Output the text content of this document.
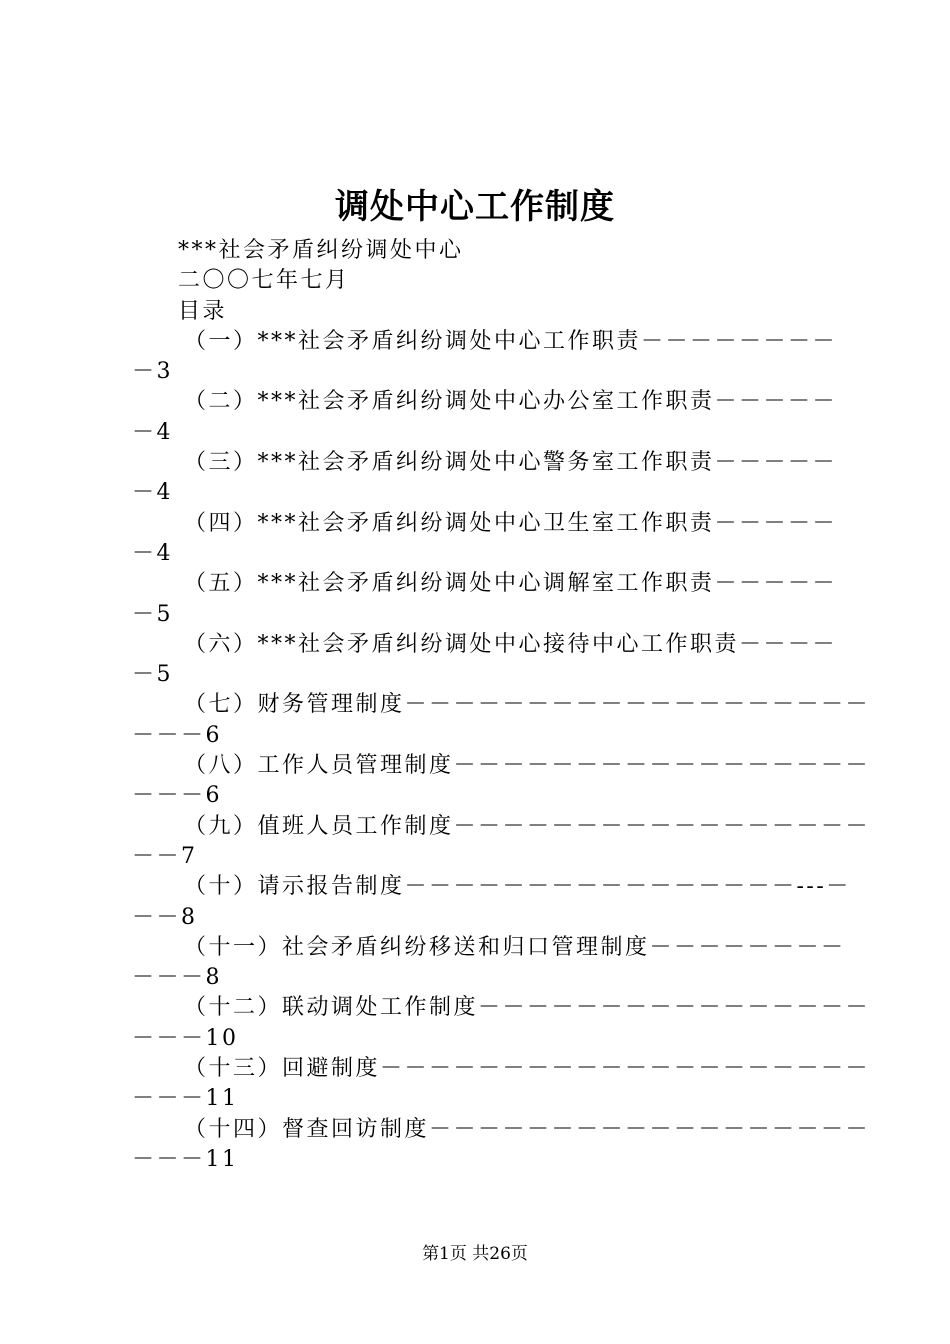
调处中心工作制度
***社会矛盾纠纷调处中心
二〇〇七年七月
目录
（一）***社会矛盾纠纷调处中心工作职责－－－－－－－－
－3
（二）***社会矛盾纠纷调处中心办公室工作职责－－－－－
－4
（三）***社会矛盾纠纷调处中心警务室工作职责－－－－－
－4
（四）***社会矛盾纠纷调处中心卫生室工作职责－－－－－
－4
（五）***社会矛盾纠纷调处中心调解室工作职责－－－－－
－5
（六）***社会矛盾纠纷调处中心接待中心工作职责－－－－
－5
（七）财务管理制度－－－－－－－－－－－－－－－－－－－
－－－6
（八）工作人员管理制度－－－－－－－－－－－－－－－－－
－－－6
（九）值班人员工作制度－－－－－－－－－－－－－－－－－
－－7
（十）请示报告制度－－－－－－－－－－－－－－－－---－
－－8
（十一）社会矛盾纠纷移送和归口管理制度－－－－－－－－
－－－8
（十二）联动调处工作制度－－－－－－－－－－－－－－－－
－－－10
（十三）回避制度－－－－－－－－－－－－－－－－－－－－
－－－11
（十四）督查回访制度－－－－－－－－－－－－－－－－－－
－－－11
第1页 共26页
